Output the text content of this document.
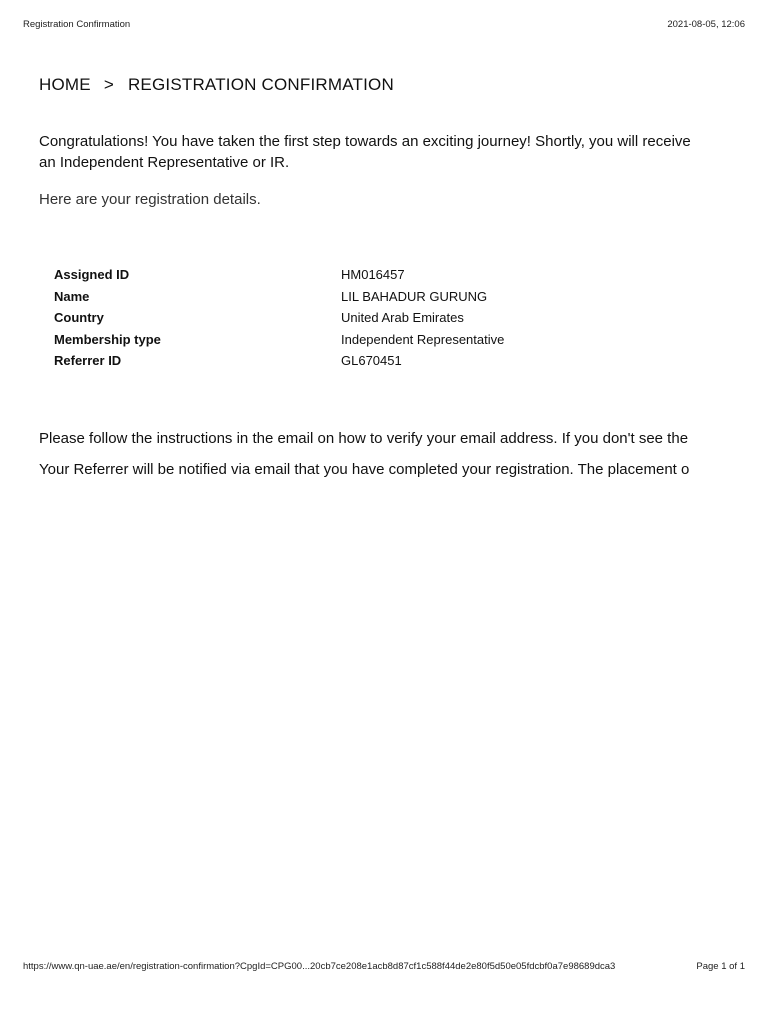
Registration Confirmation	2021-08-05, 12:06
HOME > REGISTRATION CONFIRMATION
Congratulations! You have taken the first step towards an exciting journey! Shortly, you will receive
an Independent Representative or IR.
Here are your registration details.
Assigned ID	HM016457
Name	LIL BAHADUR GURUNG
Country	United Arab Emirates
Membership type	Independent Representative
Referrer ID	GL670451
Please follow the instructions in the email on how to verify your email address. If you don't see the
Your Referrer will be notified via email that you have completed your registration. The placement o
https://www.qn-uae.ae/en/registration-confirmation?CpgId=CPG00...20cb7ce208e1acb8d87cf1c588f44de2e80f5d50e05fdcbf0a7e98689dca3	Page 1 of 1
